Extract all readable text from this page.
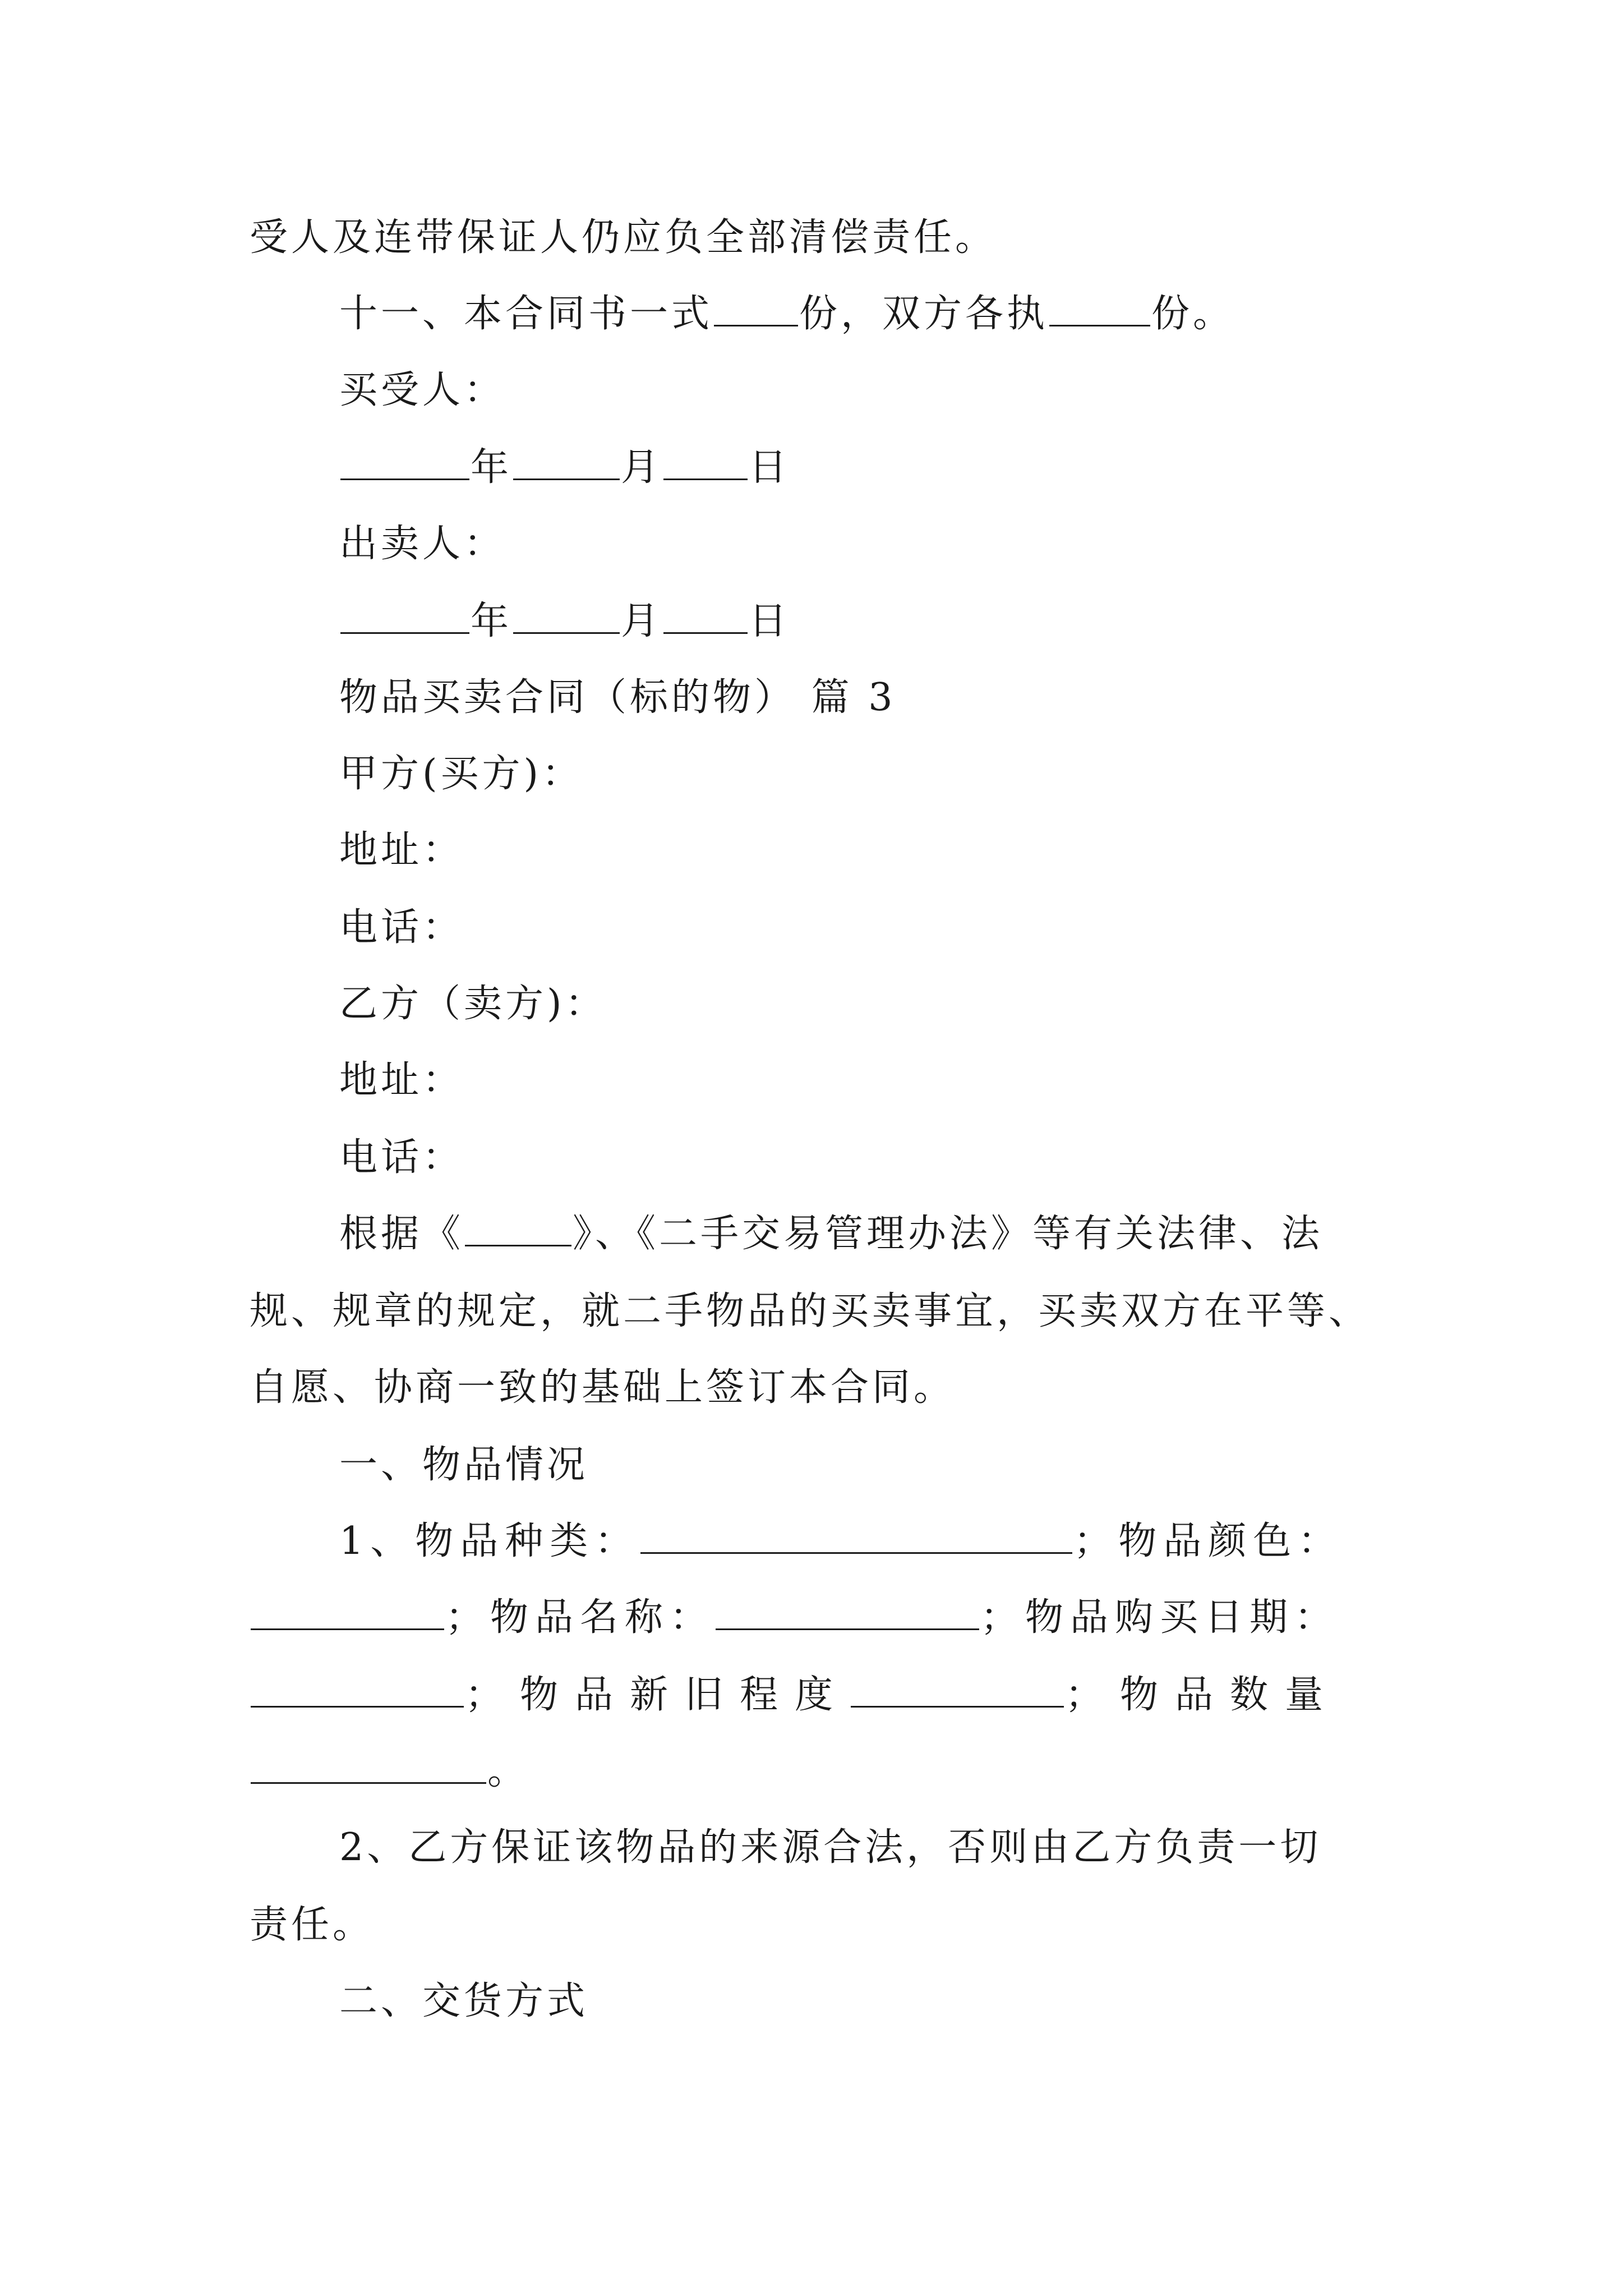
受人及连带保证人仍应负全部清偿责任。
十一、本合同书一式 份，双方各执	份。
买受人：
年	月 日
出卖人：
年	月 日
物品买卖合同（标的物） 篇 3
甲方(买方)：
地址：
电话：
乙方（卖方)：
地址：
电话：
根据《	》、《二手交易管理办法》等有关法律、法
规、规章的规定，就二手物品的买卖事宜，买卖双方在平等、
自愿、协商一致的基础上签订本合同。
一、物品情况
1、物品种类：	；物品颜色：
；物品名称：	；物品购买日期：
；物品新旧程度	；物品数量
。
2、乙方保证该物品的来源合法，否则由乙方负责一切
责任。
二、交货方式
